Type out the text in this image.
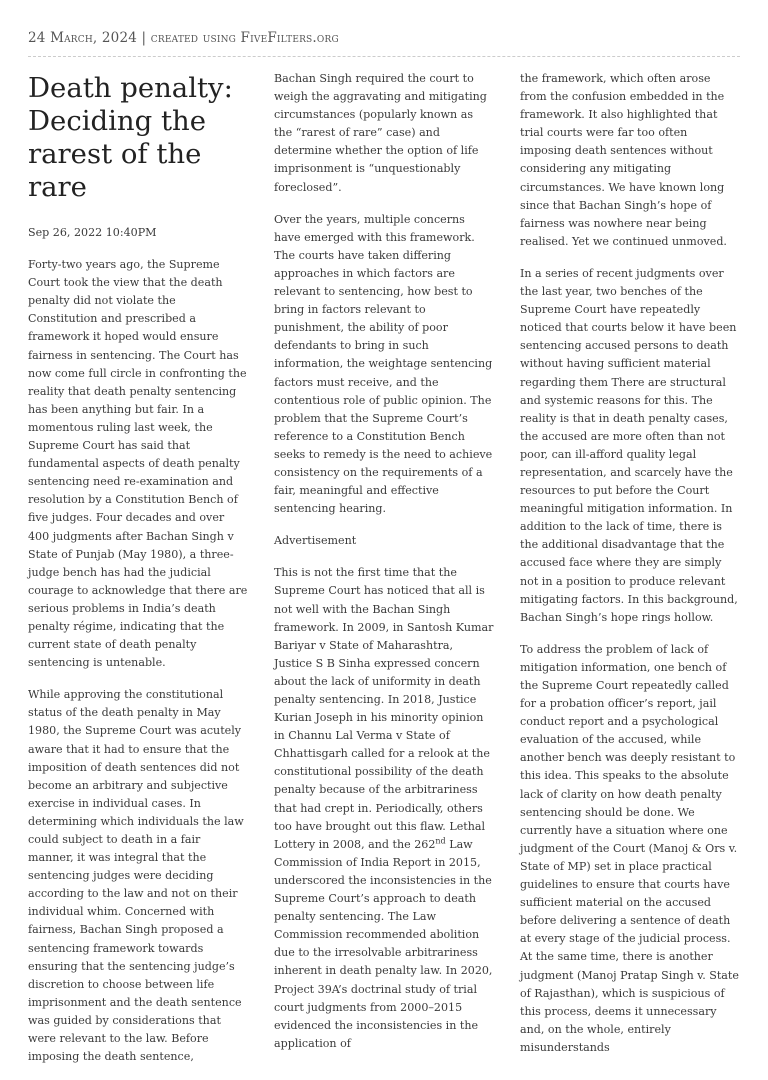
24 March, 2024 | created using FiveFilters.org
Death penalty: Deciding the rarest of the rare

Sep 26, 2022 10:40PM

Forty-two years ago, the Supreme Court took the view that the death penalty did not violate the Constitution and prescribed a framework it hoped would ensure fairness in sentencing. The Court has now come full circle in confronting the reality that death penalty sentencing has been anything but fair. In a momentous ruling last week, the Supreme Court has said that fundamental aspects of death penalty sentencing need re-examination and resolution by a Constitution Bench of five judges. Four decades and over 400 judgments after Bachan Singh v State of Punjab (May 1980), a three-judge bench has had the judicial courage to acknowledge that there are serious problems in India’s death penalty régime, indicating that the current state of death penalty sentencing is untenable.

While approving the constitutional status of the death penalty in May 1980, the Supreme Court was acutely aware that it had to ensure that the imposition of death sentences did not become an arbitrary and subjective exercise in individual cases. In determining which individuals the law could subject to death in a fair manner, it was integral that the sentencing judges were deciding according to the law and not on their individual whim. Concerned with fairness, Bachan Singh proposed a sentencing framework towards ensuring that the sentencing judge’s discretion to choose between life imprisonment and the death sentence was guided by considerations that were relevant to the law. Before imposing the death sentence,

Bachan Singh required the court to weigh the aggravating and mitigating circumstances (popularly known as the “rarest of rare” case) and determine whether the option of life imprisonment is “unquestionably foreclosed”.

Over the years, multiple concerns have emerged with this framework. The courts have taken differing approaches in which factors are relevant to sentencing, how best to bring in factors relevant to punishment, the ability of poor defendants to bring in such information, the weightage sentencing factors must receive, and the contentious role of public opinion. The problem that the Supreme Court’s reference to a Constitution Bench seeks to remedy is the need to achieve consistency on the requirements of a fair, meaningful and effective sentencing hearing.

Advertisement

This is not the first time that the Supreme Court has noticed that all is not well with the Bachan Singh framework. In 2009, in Santosh Kumar Bariyar v State of Maharashtra, Justice S B Sinha expressed concern about the lack of uniformity in death penalty sentencing. In 2018, Justice Kurian Joseph in his minority opinion in Channu Lal Verma v State of Chhattisgarh called for a relook at the constitutional possibility of the death penalty because of the arbitrariness that had crept in. Periodically, others too have brought out this flaw. Lethal Lottery in 2008, and the 262nd Law Commission of India Report in 2015, underscored the inconsistencies in the Supreme Court’s approach to death penalty sentencing. The Law Commission recommended abolition due to the irresolvable arbitrariness inherent in death penalty law. In 2020, Project 39A’s doctrinal study of trial court judgments from 2000–2015 evidenced the inconsistencies in the application of

the framework, which often arose from the confusion embedded in the framework. It also highlighted that trial courts were far too often imposing death sentences without considering any mitigating circumstances. We have known long since that Bachan Singh’s hope of fairness was nowhere near being realised. Yet we continued unmoved.

In a series of recent judgments over the last year, two benches of the Supreme Court have repeatedly noticed that courts below it have been sentencing accused persons to death without having sufficient material regarding them There are structural and systemic reasons for this. The reality is that in death penalty cases, the accused are more often than not poor, can ill-afford quality legal representation, and scarcely have the resources to put before the Court meaningful mitigation information. In addition to the lack of time, there is the additional disadvantage that the accused face where they are simply not in a position to produce relevant mitigating factors. In this background, Bachan Singh’s hope rings hollow.

To address the problem of lack of mitigation information, one bench of the Supreme Court repeatedly called for a probation officer’s report, jail conduct report and a psychological evaluation of the accused, while another bench was deeply resistant to this idea. This speaks to the absolute lack of clarity on how death penalty sentencing should be done. We currently have a situation where one judgment of the Court (Manoj & Ors v. State of MP) set in place practical guidelines to ensure that courts have sufficient material on the accused before delivering a sentence of death at every stage of the judicial process. At the same time, there is another judgment (Manoj Pratap Singh v. State of Rajasthan), which is suspicious of this process, deems it unnecessary and, on the whole, entirely misunderstands
